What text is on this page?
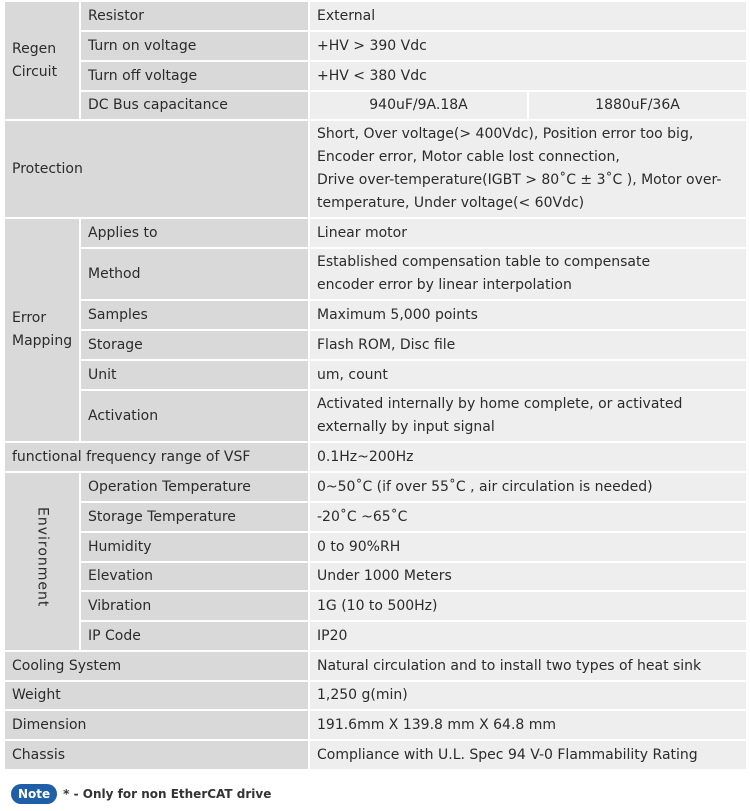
Regen Circuit	Resistor	External	
	Turn on voltage	+HV > 390 Vdc	
	Turn off voltage	+HV < 380 Vdc	
	DC Bus capacitance	940uF/9A.18A	1880uF/36A
Protection		Short, Over voltage(> 400Vdc), Position error too big,
Encoder error, Motor cable lost connection,
Drive over-temperature(IGBT > 80˚C ± 3˚C ), Motor over-
temperature, Under voltage(< 60Vdc)	

Error Mapping	Applies to	Linear motor	
	Method	Established compensation table to compensate
encoder error by linear interpolation	

	Samples	Maximum 5,000 points	
	Storage	Flash ROM, Disc file	
	Unit	um, count	
	Activation	Activated internally by home complete, or activated
externally by input signal	

functional frequency range of VSF		0.1Hz~200Hz	
Environment	Operation Temperature	0~50˚C (if over 55˚C , air circulation is needed)	
	Storage Temperature	-20˚C ~65˚C	
	Humidity	0 to 90%RH	
	Elevation	Under 1000 Meters	
	Vibration	1G (10 to 500Hz)	
	IP Code	IP20	
Cooling System		Natural circulation and to install two types of heat sink	
Weight		1,250 g(min)	
Dimension		191.6mm X 139.8 mm X 64.8 mm	
Chassis		Compliance with U.L. Spec 94 V-0 Flammability Rating	
Note	* - Only for non EtherCAT drive
